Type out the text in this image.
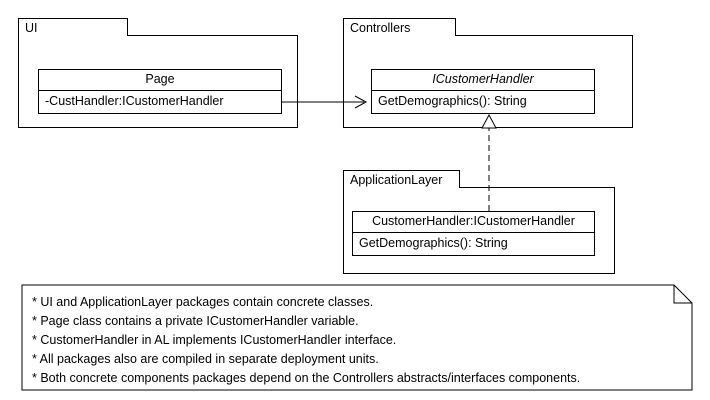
UI
Page
-CustHandler:ICustomerHandler
Controllers
ICustomerHandler
GetDemographics(): String
ApplicationLayer
CustomerHandler:ICustomerHandler
GetDemographics(): String
* UI and ApplicationLayer packages contain concrete classes.
* Page class contains a private ICustomerHandler variable.
* CustomerHandler in AL implements ICustomerHandler interface.
* All packages also are compiled in separate deployment units.
* Both concrete components packages depend on the Controllers abstracts/interfaces components.
